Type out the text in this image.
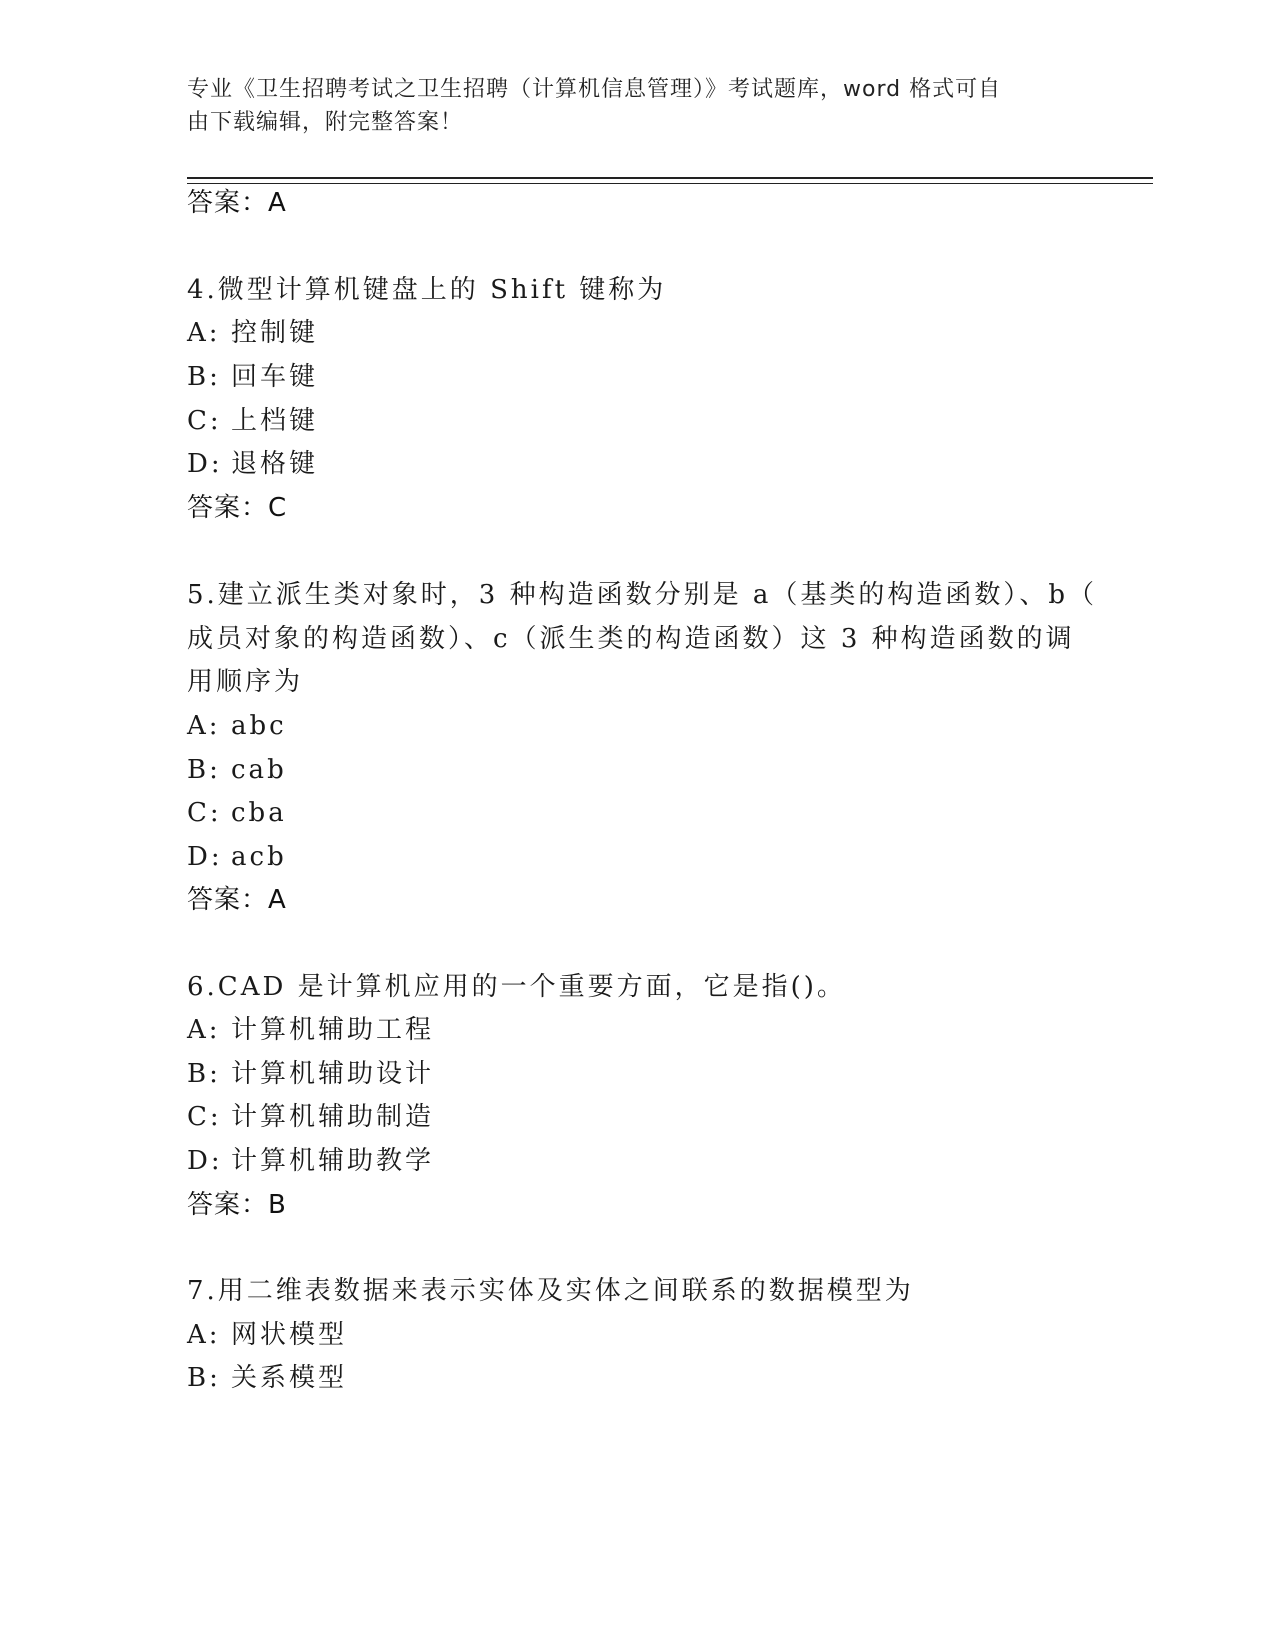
专业《卫生招聘考试之卫生招聘（计算机信息管理）》考试题库，word 格式可自
由下载编辑，附完整答案！
答案：A
4.微型计算机键盘上的 Shift 键称为
A: 控制键
B: 回车键
C: 上档键
D: 退格键
答案：C
5.建立派生类对象时，3 种构造函数分别是 a（基类的构造函数）、b（
成员对象的构造函数）、c（派生类的构造函数）这 3 种构造函数的调
用顺序为
A: abc
B: cab
C: cba
D: acb
答案：A
6.CAD 是计算机应用的一个重要方面，它是指()。
A: 计算机辅助工程
B: 计算机辅助设计
C: 计算机辅助制造
D: 计算机辅助教学
答案：B
7.用二维表数据来表示实体及实体之间联系的数据模型为
A: 网状模型
B: 关系模型
